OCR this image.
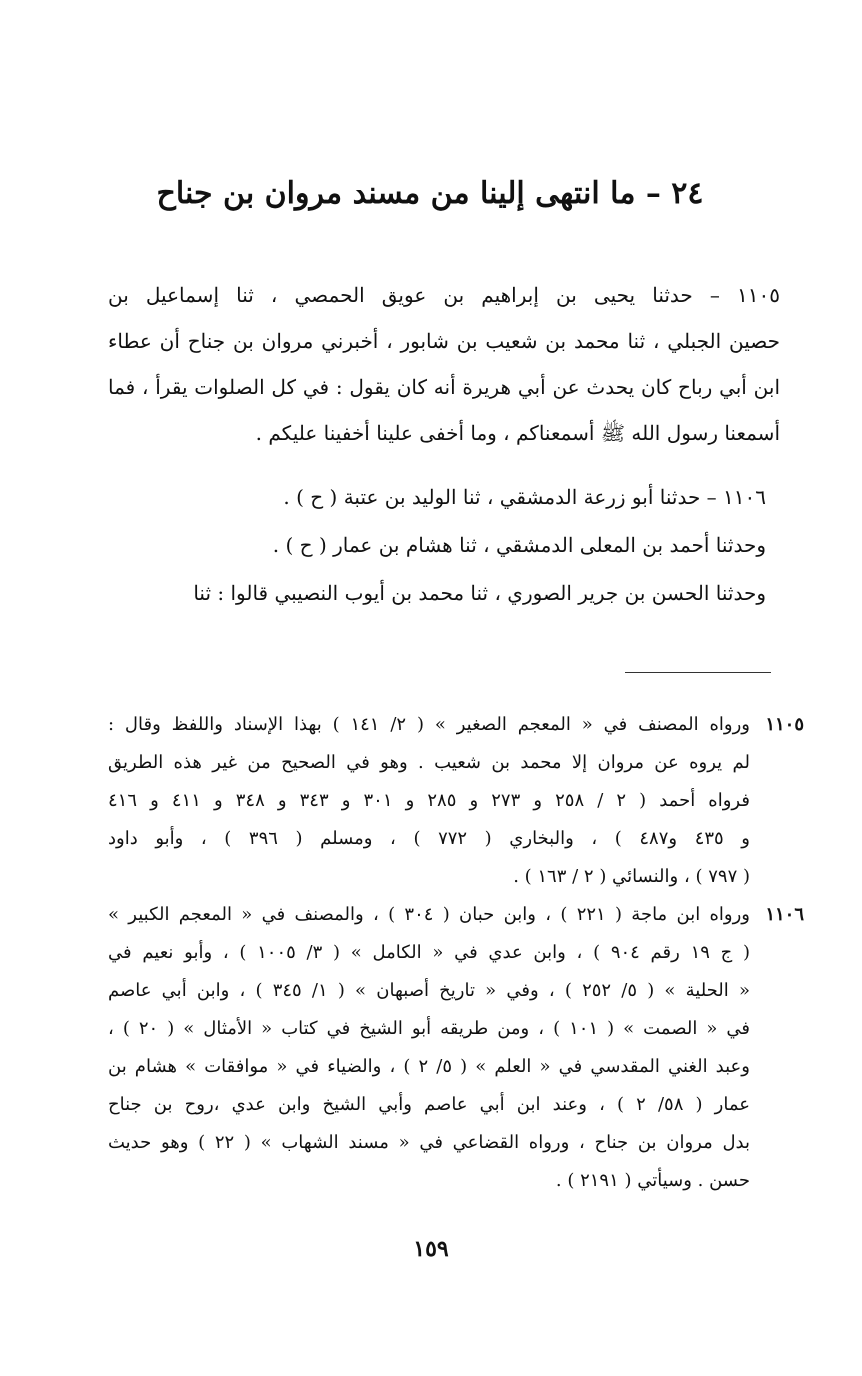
٢٤ – ما انتهى إلينا من مسند مروان بن جناح
١١٠٥ – حدثنا يحيى بن إبراهيم بن عويق الحمصي ، ثنا إسماعيل بن
حصين الجبلي ، ثنا محمد بن شعيب بن شابور ، أخبرني مروان بن جناح أن عطاء
ابن أبي رباح كان يحدث عن أبي هريرة أنه كان يقول : في كل الصلوات يقرأ ، فما
أسمعنا رسول الله ﷺ أسمعناكم ، وما أخفى علينا أخفينا عليكم .
١١٠٦ – حدثنا أبو زرعة الدمشقي ، ثنا الوليد بن عتبة ( ح ) .
وحدثنا أحمد بن المعلى الدمشقي ، ثنا هشام بن عمار ( ح ) .
وحدثنا الحسن بن جرير الصوري ، ثنا محمد بن أيوب النصيبي قالوا : ثنا
١١٠٥
ورواه المصنف في « المعجم الصغير » ( ٢/ ١٤١ ) بهذا الإسناد واللفظ وقال :
لم يروه عن مروان إلا محمد بن شعيب . وهو في الصحيح من غير هذه الطريق
فرواه أحمد ( ٢ / ٢٥٨ و ٢٧٣ و ٢٨٥ و ٣٠١ و ٣٤٣ و ٣٤٨ و ٤١١ و ٤١٦
و ٤٣٥ و٤٨٧ ) ، والبخاري ( ٧٧٢ ) ، ومسلم ( ٣٩٦ ) ، وأبو داود
( ٧٩٧ ) ، والنسائي ( ٢ / ١٦٣ ) .
١١٠٦
ورواه ابن ماجة ( ٢٢١ ) ، وابن حبان ( ٣٠٤ ) ، والمصنف في « المعجم الكبير »
( ج ١٩ رقم ٩٠٤ ) ، وابن عدي في « الكامل » ( ٣/ ١٠٠٥ ) ، وأبو نعيم في
« الحلية » ( ٥/ ٢٥٢ ) ، وفي « تاريخ أصبهان » ( ١/ ٣٤٥ ) ، وابن أبي عاصم
في « الصمت » ( ١٠١ ) ، ومن طريقه أبو الشيخ في كتاب « الأمثال » ( ٢٠ ) ،
وعبد الغني المقدسي في « العلم » ( ٥/ ٢ ) ، والضياء في « موافقات » هشام بن
عمار ( ٥٨/ ٢ ) ، وعند ابن أبي عاصم وأبي الشيخ وابن عدي ،روح بن جناح
بدل مروان بن جناح ، ورواه القضاعي في « مسند الشهاب » ( ٢٢ ) وهو حديث
حسن . وسيأتي ( ٢١٩١ ) .
١٥٩
